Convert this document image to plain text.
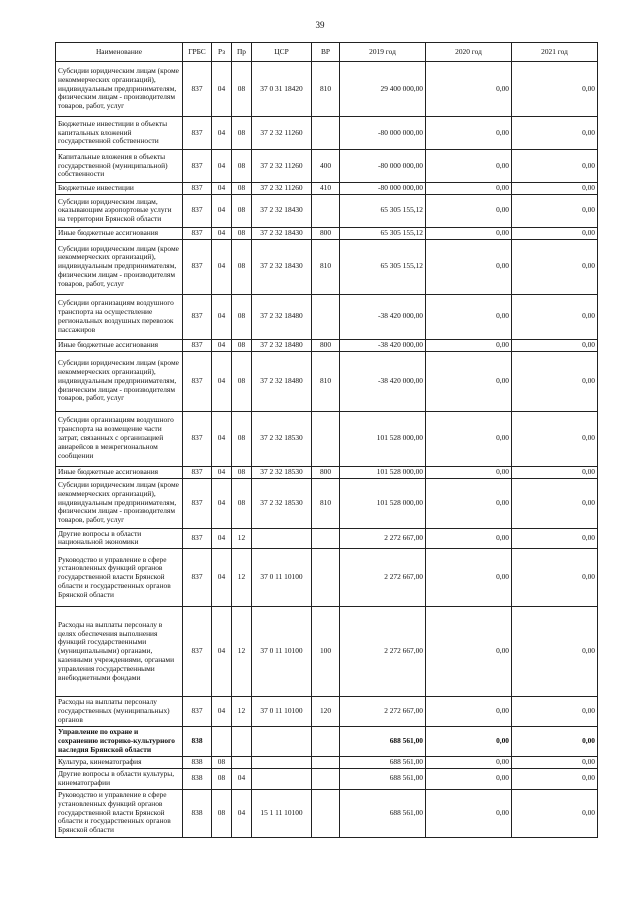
39
Наименование	ГРБС	Рз	Пр	ЦСР	ВР	2019 год	2020 год	2021 год
Субсидии юридическим лицам (кроме некоммерческих организаций), индивидуальным предпринимателям, физическим лицам - производителям товаров, работ, услуг	837	04	08	37 0 31 18420	810	29 400 000,00	0,00	0,00
Бюджетные инвестиции в объекты капитальных вложений государственной собственности	837	04	08	37 2 32 11260		-80 000 000,00	0,00	0,00
Капитальные вложения в объекты государственной (муниципальной) собственности	837	04	08	37 2 32 11260	400	-80 000 000,00	0,00	0,00
Бюджетные инвестиции	837	04	08	37 2 32 11260	410	-80 000 000,00	0,00	0,00
Субсидии юридическим лицам, оказывающим аэропортовые услуги на территории Брянской области	837	04	08	37 2 32 18430		65 305 155,12	0,00	0,00
Иные бюджетные ассигнования	837	04	08	37 2 32 18430	800	65 305 155,12	0,00	0,00
Субсидии юридическим лицам (кроме некоммерческих организаций), индивидуальным предпринимателям, физическим лицам - производителям товаров, работ, услуг	837	04	08	37 2 32 18430	810	65 305 155,12	0,00	0,00
Субсидии организациям воздушного транспорта на осуществление региональных воздушных перевозок пассажиров	837	04	08	37 2 32 18480		-38 420 000,00	0,00	0,00
Иные бюджетные ассигнования	837	04	08	37 2 32 18480	800	-38 420 000,00	0,00	0,00
Субсидии юридическим лицам (кроме некоммерческих организаций), индивидуальным предпринимателям, физическим лицам - производителям товаров, работ, услуг	837	04	08	37 2 32 18480	810	-38 420 000,00	0,00	0,00
Субсидии организациям воздушного транспорта на возмещение части затрат, связанных с организацией авиарейсов в межрегиональном сообщении	837	04	08	37 2 32 18530		101 528 000,00	0,00	0,00
Иные бюджетные ассигнования	837	04	08	37 2 32 18530	800	101 528 000,00	0,00	0,00
Субсидии юридическим лицам (кроме некоммерческих организаций), индивидуальным предпринимателям, физическим лицам - производителям товаров, работ, услуг	837	04	08	37 2 32 18530	810	101 528 000,00	0,00	0,00
Другие вопросы в области национальной экономики	837	04	12			2 272 667,00	0,00	0,00
Руководство и управление в сфере установленных функций органов государственной власти Брянской области и государственных органов Брянской области	837	04	12	37 0 11 10100		2 272 667,00	0,00	0,00
Расходы на выплаты персоналу в целях обеспечения выполнения функций государственными (муниципальными) органами, казенными учреждениями, органами управления государственными внебюджетными фондами	837	04	12	37 0 11 10100	100	2 272 667,00	0,00	0,00
Расходы на выплаты персоналу государственных (муниципальных) органов	837	04	12	37 0 11 10100	120	2 272 667,00	0,00	0,00
Управление по охране и сохранению историко-культурного наследия Брянской области	838					688 561,00	0,00	0,00
Культура, кинематография	838	08				688 561,00	0,00	0,00
Другие вопросы в области культуры, кинематографии	838	08	04			688 561,00	0,00	0,00
Руководство и управление в сфере установленных функций органов государственной власти Брянской области и государственных органов Брянской области	838	08	04	15 1 11 10100		688 561,00	0,00	0,00
